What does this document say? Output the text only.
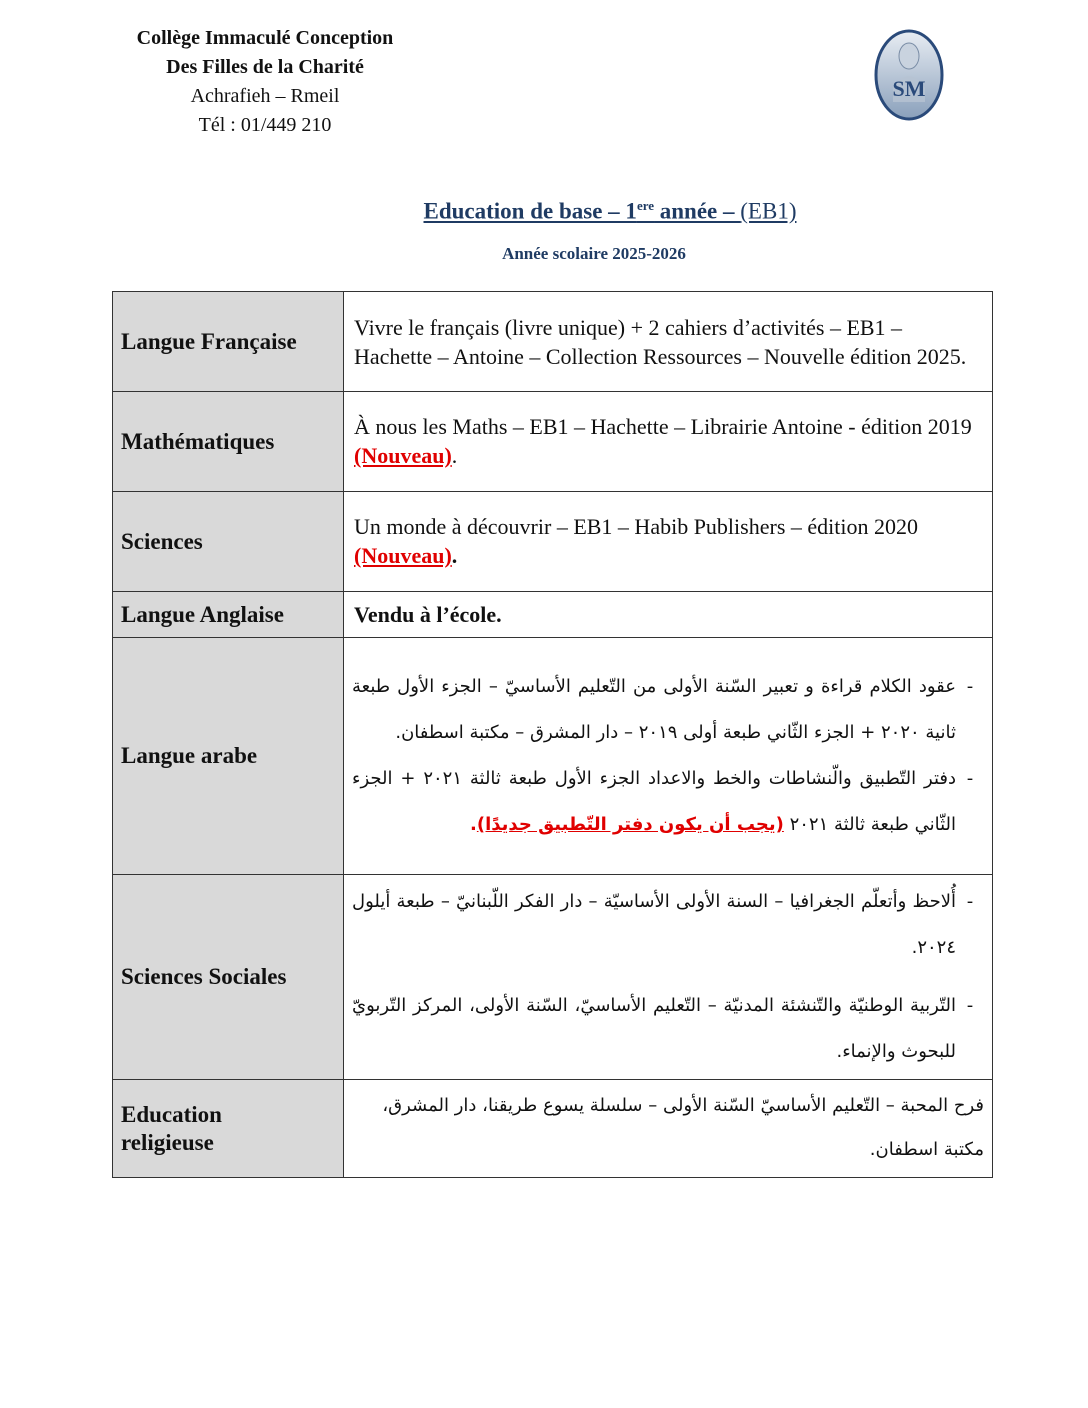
Collège Immaculé Conception
Des Filles de la Charité
Achrafieh – Rmeil
Tél : 01/449 210
SM
Education de base – 1ere année – (EB1)
Année scolaire 2025-2026
Langue Française	Vivre le français (livre unique) + 2 cahiers d’activités – EB1 – Hachette – Antoine – Collection Ressources – Nouvelle édition 2025.
Mathématiques	À nous les Maths – EB1 – Hachette – Librairie Antoine - édition 2019 (Nouveau).
Sciences	Un monde à découvrir – EB1 – Habib Publishers – édition 2020 (Nouveau).
Langue Anglaise	Vendu à l’école.
Langue arabe	-
عقود الكلام قراءة و تعبير السّنة الأولى من التّعليم الأساسيّ – الجزء الأول طبعة ثانية ٢٠٢٠ + الجزء الثّاني طبعة أولى ٢٠١٩ – دار المشرق – مكتبة اسطفان.
-
دفتر التّطبيق والّنشاطات والخط والاعداد الجزء الأول طبعة ثالثة ٢٠٢١ + الجزء الثّاني طبعة ثالثة ٢٠٢١ (يجب أن يكون دفتر التّطبيق جديدًا).

Sciences Sociales	-
أُلاحظ وأتعلّم الجغرافيا – السنة الأولى الأساسيّة – دار الفكر اللّبنانيّ – طبعة أيلول ٢٠٢٤.
-
التّربية الوطنيّة والتّنشئة المدنيّة – التّعليم الأساسيّ، السّنة الأولى، المركز التّربويّ للبحوث والإنماء.

Education
religieuse	فرح المحبة – التّعليم الأساسيّ السّنة الأولى – سلسلة يسوع طريقنا، دار المشرق، مكتبة اسطفان.
